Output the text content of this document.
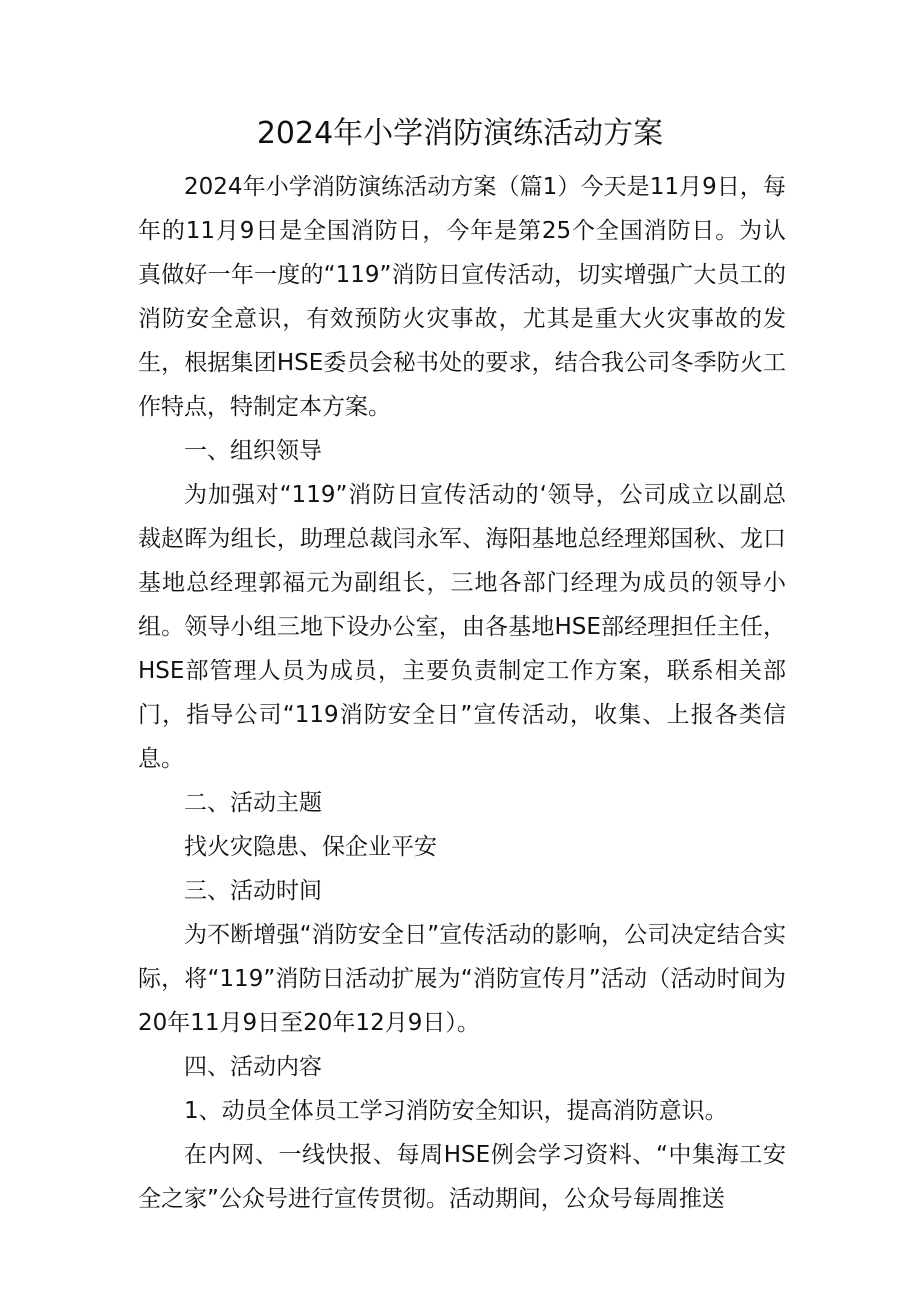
2024年小学消防演练活动方案

2024年小学消防演练活动方案（篇1）今天是11月9日，每年的11月9日是全国消防日，今年是第25个全国消防日。为认真做好一年一度的“119”消防日宣传活动，切实增强广大员工的消防安全意识，有效预防火灾事故，尤其是重大火灾事故的发生，根据集团HSE委员会秘书处的要求，结合我公司冬季防火工作特点，特制定本方案。

一、组织领导

为加强对“119”消防日宣传活动的‘领导，公司成立以副总裁赵晖为组长，助理总裁闫永军、海阳基地总经理郑国秋、龙口基地总经理郭福元为副组长，三地各部门经理为成员的领导小组。领导小组三地下设办公室，由各基地HSE部经理担任主任，HSE部管理人员为成员，主要负责制定工作方案，联系相关部门，指导公司“119消防安全日”宣传活动，收集、上报各类信息。

二、活动主题

找火灾隐患、保企业平安

三、活动时间

为不断增强“消防安全日”宣传活动的影响，公司决定结合实际，将“119”消防日活动扩展为“消防宣传月”活动（活动时间为20年11月9日至20年12月9日）。

四、活动内容

1、动员全体员工学习消防安全知识，提高消防意识。

在内网、一线快报、每周HSE例会学习资料、“中集海工安全之家”公众号进行宣传贯彻。活动期间，公众号每周推送
